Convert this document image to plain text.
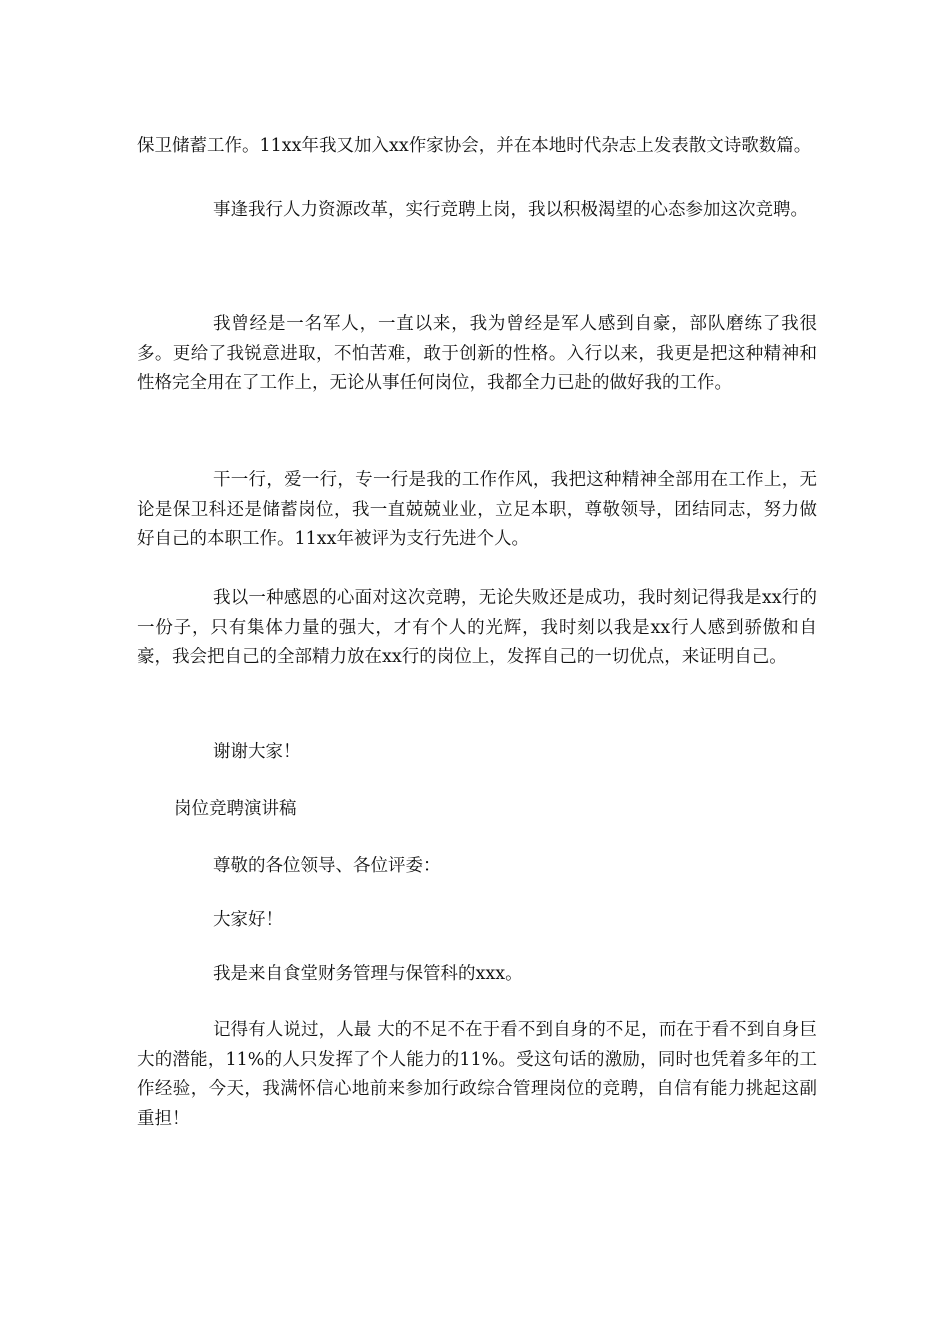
保卫储蓄工作。11xx年我又加入xx作家协会，并在本地时代杂志上发表散文诗歌数篇。

事逢我行人力资源改革，实行竞聘上岗，我以积极渴望的心态参加这次竞聘。

我曾经是一名军人，一直以来，我为曾经是军人感到自豪，部队磨练了我很多。更给了我锐意进取，不怕苦难，敢于创新的性格。入行以来，我更是把这种精神和性格完全用在了工作上，无论从事任何岗位，我都全力已赴的做好我的工作。

干一行，爱一行，专一行是我的工作作风，我把这种精神全部用在工作上，无论是保卫科还是储蓄岗位，我一直兢兢业业，立足本职，尊敬领导，团结同志，努力做好自己的本职工作。11xx年被评为支行先进个人。

我以一种感恩的心面对这次竞聘，无论失败还是成功，我时刻记得我是xx行的一份子，只有集体力量的强大，才有个人的光辉，我时刻以我是xx行人感到骄傲和自豪，我会把自己的全部精力放在xx行的岗位上，发挥自己的一切优点，来证明自己。

谢谢大家！

岗位竞聘演讲稿

尊敬的各位领导、各位评委：

大家好！

我是来自食堂财务管理与保管科的xxx。

记得有人说过，人最 大的不足不在于看不到自身的不足，而在于看不到自身巨大的潜能，11%的人只发挥了个人能力的11%。受这句话的激励，同时也凭着多年的工作经验，今天，我满怀信心地前来参加行政综合管理岗位的竞聘，自信有能力挑起这副重担！
